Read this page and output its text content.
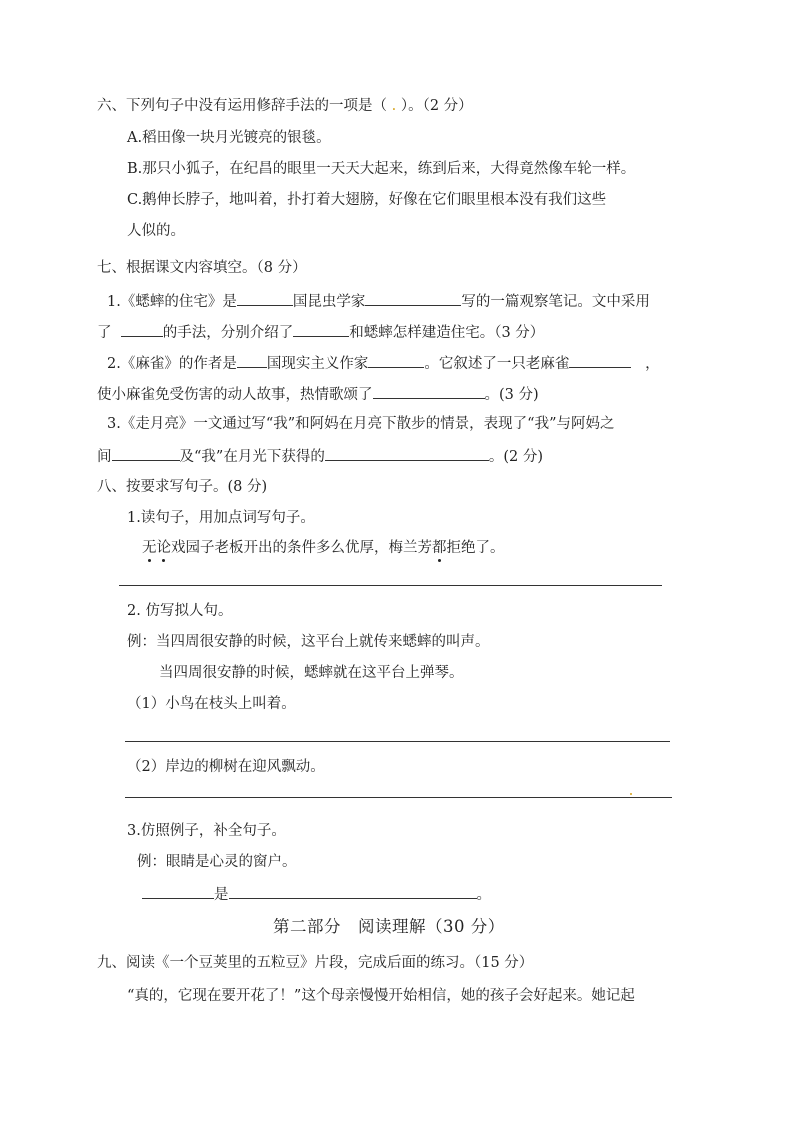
六、下列句子中没有运用修辞手法的一项是（ . ）。（2 分）
A.稻田像一块月光镀亮的银毯。
B.那只小狐子，在纪昌的眼里一天天大起来，练到后来，大得竟然像车轮一样。
C.鹅伸长脖子，地叫着，扑打着大翅膀，好像在它们眼里根本没有我们这些
人似的。
七、根据课文内容填空。（8 分）
1.《蟋蟀的住宅》是	国昆虫学家	写的一篇观察笔记。文中采用
了	的手法，分别介绍了	和蟋蟀怎样建造住宅。（3 分）
2.《麻雀》的作者是 国现实主义作家	。它叙述了一只老麻雀	，
使小麻雀免受伤害的动人故事，热情歌颂了	。(3 分)
3.《走月亮》一文通过写“我”和阿妈在月亮下散步的情景，表现了“我”与阿妈之
间	及“我”在月光下获得的	。(2 分)
八、按要求写句子。(8 分)
1.读句子，用加点词写句子。
无论戏园子老板开出的条件多么优厚，梅兰芳都拒绝了。
2. 仿写拟人句。
例：当四周很安静的时候，这平台上就传来蟋蟀的叫声。
当四周很安静的时候，蟋蟀就在这平台上弹琴。
（1）小鸟在枝头上叫着。
（2）岸边的柳树在迎风飘动。
3.仿照例子，补全句子。
例：眼睛是心灵的窗户。
是	。
第二部分　阅读理解（30 分）
九、阅读《一个豆荚里的五粒豆》片段，完成后面的练习。（15 分）
“真的，它现在要开花了！”这个母亲慢慢开始相信，她的孩子会好起来。她记起
